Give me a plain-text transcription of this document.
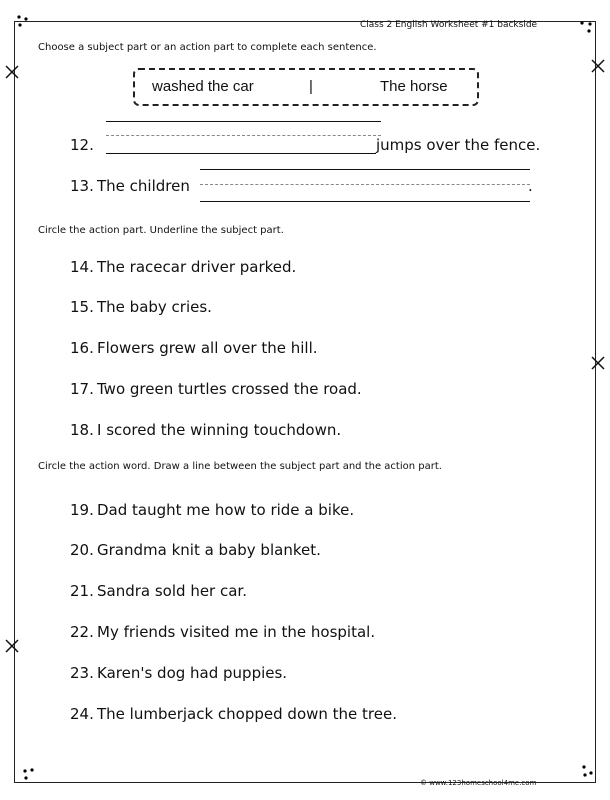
Class 2 English Worksheet #1 backside
Choose a subject part or an action part to complete each sentence.
washed the car	|	The horse
12.	jumps over the fence.
13. The children	.
Circle the action part. Underline the subject part.
14. The racecar driver parked.
15. The baby cries.
16. Flowers grew all over the hill.
17. Two green turtles crossed the road.
18. I scored the winning touchdown.
Circle the action word. Draw a line between the subject part and the action part.
19. Dad taught me how to ride a bike.
20. Grandma knit a baby blanket.
21. Sandra sold her car.
22. My friends visited me in the hospital.
23. Karen's dog had puppies.
24. The lumberjack chopped down the tree.
© www.123homeschool4me.com
